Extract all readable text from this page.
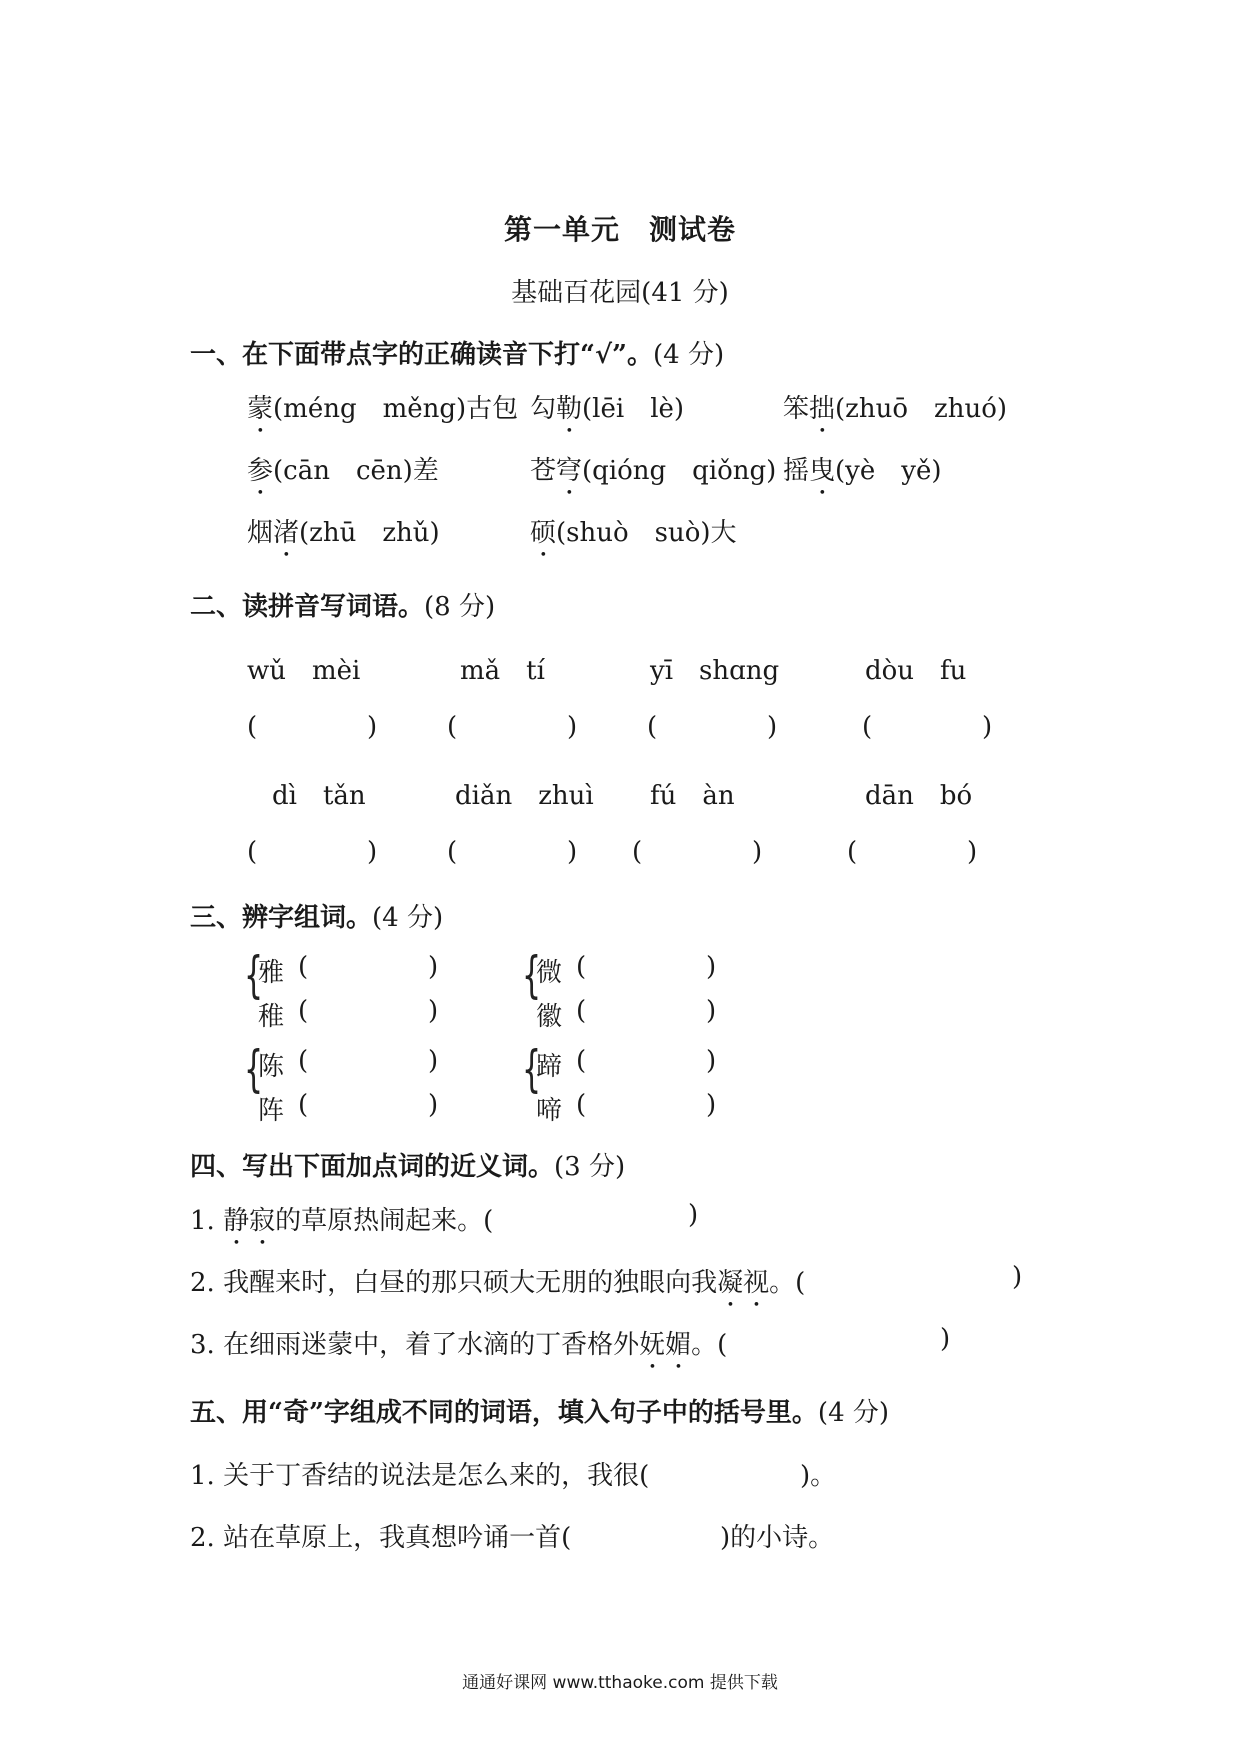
第一单元　测试卷
基础百花园(41 分)
一、在下面带点字的正确读音下打“√”。(4 分)
蒙(méng　měng)古包 勾勒(lēi　lè)	笨拙(zhuō　zhuó)
参(cān　cēn)差	苍穹(qióng　qiǒng) 摇曳(yè　yě)
烟渚(zhū　zhǔ)	硕(shuò　suò)大
二、读拼音写词语。(8 分)
wǔ　mèi	mǎ　tí	yī　shɑng	dòu　fu
(	)	(	)	(	)	(	)
dì　tǎn	diǎn　zhuì fú　àn	dān　bó
(	)	(	) (	)	(	)
三、辨字组词。(4 分)
{
雅 (	)
稚 (	)
{
微 (	)
徽 (	)
{
陈 (	)
阵 (	)
{
蹄 (	)
啼 (	)
四、写出下面加点词的近义词。(3 分)
1. 静寂的草原热闹起来。(	)
2. 我醒来时，白昼的那只硕大无朋的独眼向我凝视。(	)
3. 在细雨迷蒙中，着了水滴的丁香格外妩媚。(	)
五、用“奇”字组成不同的词语，填入句子中的括号里。(4 分)
1. 关于丁香结的说法是怎么来的，我很(	)。
2. 站在草原上，我真想吟诵一首(	)的小诗。
通通好课网 www.tthaoke.com 提供下载
